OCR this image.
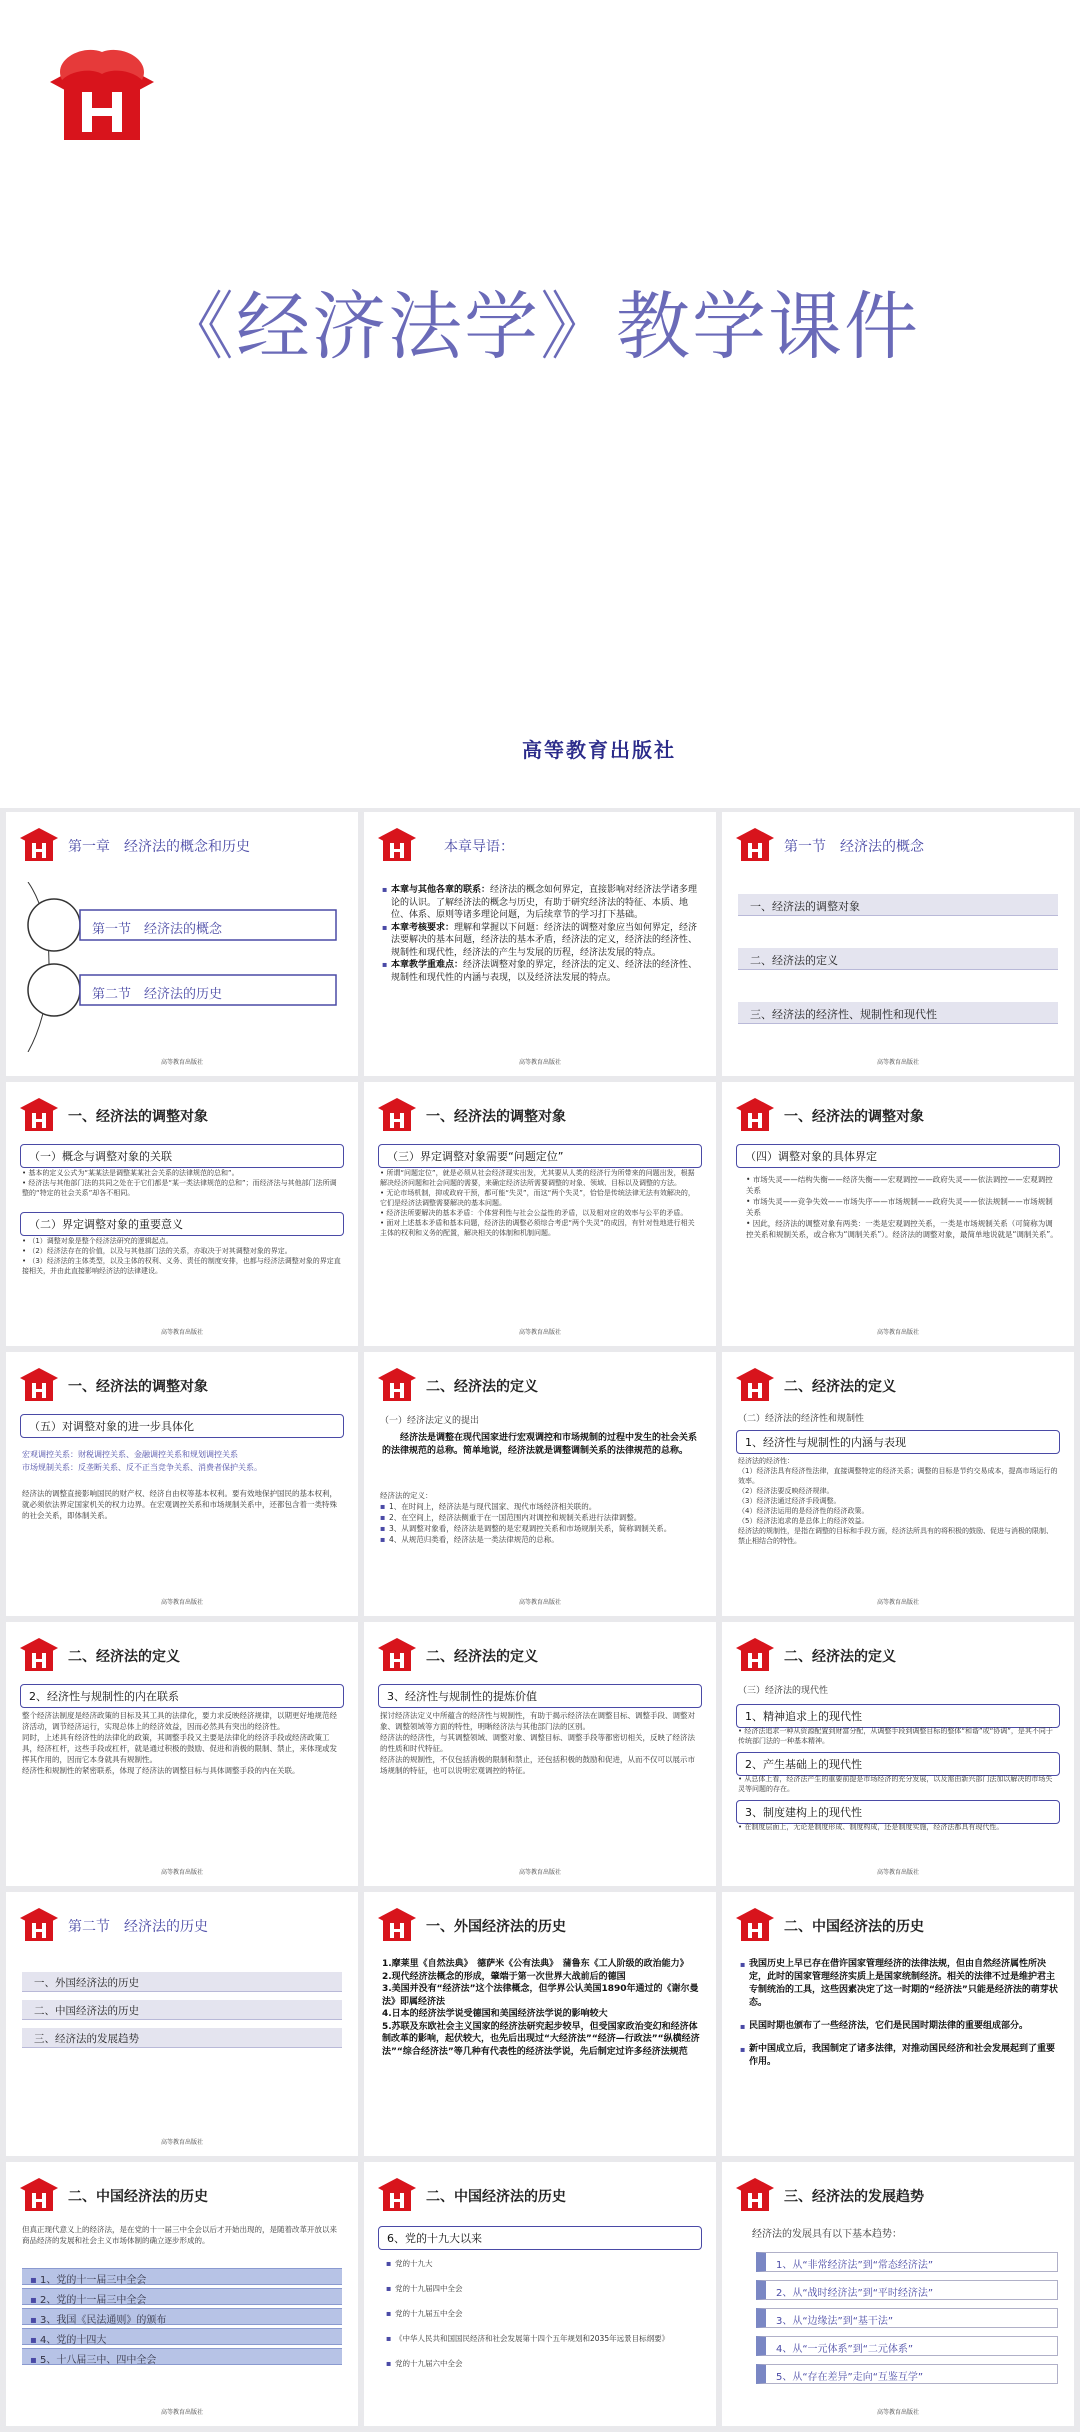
《经济法学》教学课件
高等教育出版社
第一章　经济法的概念和历史
第一节　经济法的概念
第二节　经济法的历史
高等教育出版社
本章导语：

▪ 本章与其他各章的联系：经济法的概念如何界定，直接影响对经济法学诸多理论的认识。了解经济法的概念与历史，有助于研究经济法的特征、本质、地位、体系、原则等诸多理论问题，为后续章节的学习打下基础。

▪ 本章考核要求：理解和掌握以下问题：经济法的调整对象应当如何界定，经济法要解决的基本问题，经济法的基本矛盾，经济法的定义，经济法的经济性、规制性和现代性，经济法的产生与发展的历程，经济法发展的特点。

▪ 本章教学重难点：经济法调整对象的界定，经济法的定义、经济法的经济性、规制性和现代性的内涵与表现，以及经济法发展的特点。

高等教育出版社
第一节　经济法的概念
一、经济法的调整对象
二、经济法的定义
三、经济法的经济性、规制性和现代性
高等教育出版社
一、经济法的调整对象
（一）概念与调整对象的关联

• 基本的定义公式为“某某法是调整某某社会关系的法律规范的总和”。

• 经济法与其他部门法的共同之处在于它们都是“某一类法律规范的总和”；而经济法与其他部门法所调整的“特定的社会关系”却各不相同。

（二）界定调整对象的重要意义

• （1）调整对象是整个经济法研究的逻辑起点。

• （2）经济法存在的价值，以及与其他部门法的关系，亦取决于对其调整对象的界定。

• （3）经济法的主体类型，以及主体的权利、义务、责任的制度安排，也都与经济法调整对象的界定直接相关，并由此直接影响经济法的法律建设。

高等教育出版社
一、经济法的调整对象
（三）界定调整对象需要“问题定位”

• 所谓“问题定位”，就是必须从社会经济现实出发，尤其要从人类的经济行为所带来的问题出发，根据解决经济问题和社会问题的需要，来确定经济法所需要调整的对象、领域、目标以及调整的方法。

• 无论市场机制，抑或政府干预，都可能“失灵”，而这“两个失灵”，恰恰是传统法律无法有效解决的，它们是经济法调整需要解决的基本问题。

• 经济法所要解决的基本矛盾：个体营利性与社会公益性的矛盾，以及相对应的效率与公平的矛盾。

• 面对上述基本矛盾和基本问题，经济法的调整必须综合考虑“两个失灵”的成因，有针对性地进行相关主体的权利和义务的配置，解决相关的体制和机制问题。

高等教育出版社
一、经济法的调整对象
（四）调整对象的具体界定

• 市场失灵——结构失衡——经济失衡——宏观调控——政府失灵——依法调控——宏观调控关系

• 市场失灵——竞争失效——市场失序——市场规制——政府失灵——依法规制——市场规制关系

• 因此，经济法的调整对象有两类：一类是宏观调控关系，一类是市场规制关系（可简称为调控关系和规制关系，或合称为“调制关系”）。经济法的调整对象，最简单地说就是“调制关系”。

高等教育出版社
一、经济法的调整对象
（五）对调整对象的进一步具体化

宏观调控关系：财税调控关系、金融调控关系和规划调控关系

市场规制关系：反垄断关系、反不正当竞争关系、消费者保护关系。

经济法的调整直接影响国民的财产权、经济自由权等基本权利。要有效地保护国民的基本权利，就必须依法界定国家机关的权力边界。在宏观调控关系和市场规制关系中，还都包含着一类特殊的社会关系，即体制关系。

高等教育出版社
二、经济法的定义
（一）经济法定义的提出

经济法是调整在现代国家进行宏观调控和市场规制的过程中发生的社会关系的法律规范的总称。简单地说，经济法就是调整调制关系的法律规范的总称。

经济法的定义：

▪ 1、在时间上，经济法是与现代国家、现代市场经济相关联的。

▪ 2、在空间上，经济法侧重于在一国范围内对调控和规制关系进行法律调整。

▪ 3、从调整对象看，经济法是调整的是宏观调控关系和市场规制关系，简称调制关系。

▪ 4、从规范归类看，经济法是一类法律规范的总称。

高等教育出版社
二、经济法的定义
（二）经济法的经济性和规制性
1、经济性与规制性的内涵与表现

经济法的经济性：

（1）经济法具有经济性法律，直接调整特定的经济关系；调整的目标是节约交易成本，提高市场运行的效率。

（2）经济法要反映经济规律。

（3）经济法通过经济手段调整。

（4）经济法运用的是经济性的经济政策。

（5）经济法追求的是总体上的经济效益。

经济法的规制性，是指在调整的目标和手段方面，经济法所具有的将积极的鼓励、促进与消极的限制、禁止相结合的特性。

高等教育出版社
二、经济法的定义
2、经济性与规制性的内在联系

整个经济法制度是经济政策的目标及其工具的法律化，要力求反映经济规律，以期更好地规范经济活动，调节经济运行，实现总体上的经济效益，因而必然具有突出的经济性。

同时，上述具有经济性的法律化的政策，其调整手段又主要是法律化的经济手段或经济政策工具，经济杠杆，这些手段或杠杆，就是通过积极的鼓励、促进和消极的限制、禁止，来体现或发挥其作用的，因而它本身就具有规制性。

经济性和规制性的紧密联系，体现了经济法的调整目标与具体调整手段的内在关联。

高等教育出版社
二、经济法的定义
3、经济性与规制性的提炼价值

探讨经济法定义中所蕴含的经济性与规制性，有助于揭示经济法在调整目标、调整手段、调整对象、调整领域等方面的特性，明晰经济法与其他部门法的区别。

经济法的经济性，与其调整领域、调整对象、调整目标、调整手段等都密切相关，反映了经济法的性质和时代特征。

经济法的规制性，不仅包括消极的限制和禁止，还包括积极的鼓励和促进，从而不仅可以展示市场规制的特征，也可以说明宏观调控的特征。

高等教育出版社
二、经济法的定义
（三）经济法的现代性
1、精神追求上的现代性
• 经济法追求一种从资源配置到财富分配，从调整手段到调整目标的整体“和谐”或“协调”，是其不同于传统部门法的一种基本精神。
2、产生基础上的现代性
• 从总体上看，经济法产生的重要前提是市场经济的充分发展，以及需由新兴部门法加以解决的市场失灵等问题的存在。
3、制度建构上的现代性
• 在制度层面上，无论是制度形成、制度构成，还是制度实施，经济法都具有现代性。
高等教育出版社
第二节　经济法的历史
一、外国经济法的历史
二、中国经济法的历史
三、经济法的发展趋势
高等教育出版社
一、外国经济法的历史

1.摩莱里《自然法典》　德萨米《公有法典》　蒲鲁东《工人阶级的政治能力》

2.现代经济法概念的形成，肇端于第一次世界大战前后的德国

3.美国并没有“经济法”这个法律概念，但学界公认美国1890年通过的《谢尔曼法》即属经济法

4.日本的经济法学说受德国和美国经济法学说的影响较大

5.苏联及东欧社会主义国家的经济法研究起步较早，但受国家政治变幻和经济体制改革的影响，起伏较大，也先后出现过“大经济法”“经济—行政法”“纵横经济法”“综合经济法”等几种有代表性的经济法学说，先后制定过许多经济法规范

二、中国经济法的历史

▪ 我国历史上早已存在借许国家管理经济的法律法规，但由自然经济属性所决定，此时的国家管理经济实质上是国家统制经济。相关的法律不过是维护君主专制统治的工具，这些因素决定了这一时期的“经济法”只能是经济法的萌芽状态。

▪ 民国时期也颁布了一些经济法，它们是民国时期法律的重要组成部分。

▪ 新中国成立后，我国制定了诸多法律，对推动国民经济和社会发展起到了重要作用。

二、中国经济法的历史
但真正现代意义上的经济法，是在党的十一届三中全会以后才开始出现的，是随着改革开放以来商品经济的发展和社会主义市场体制的确立逐步形成的。
▪ 1、党的十一届三中全会
▪ 2、党的十一届三中全会
▪ 3、我国《民法通则》的颁布
▪ 4、党的十四大
▪ 5、十八届三中、四中全会
高等教育出版社
二、中国经济法的历史
6、党的十九大以来

▪ 党的十九大

▪ 党的十九届四中全会

▪ 党的十九届五中全会

▪ 《中华人民共和国国民经济和社会发展第十四个五年规划和2035年远景目标纲要》

▪ 党的十九届六中全会

三、经济法的发展趋势
经济法的发展具有以下基本趋势：
1、从“非常经济法”到“常态经济法”
2、从“战时经济法”到“平时经济法”
3、从“边缘法”到“基干法”
4、从“一元体系”到“二元体系”
5、从“存在差异”走向“互鉴互学”
高等教育出版社
